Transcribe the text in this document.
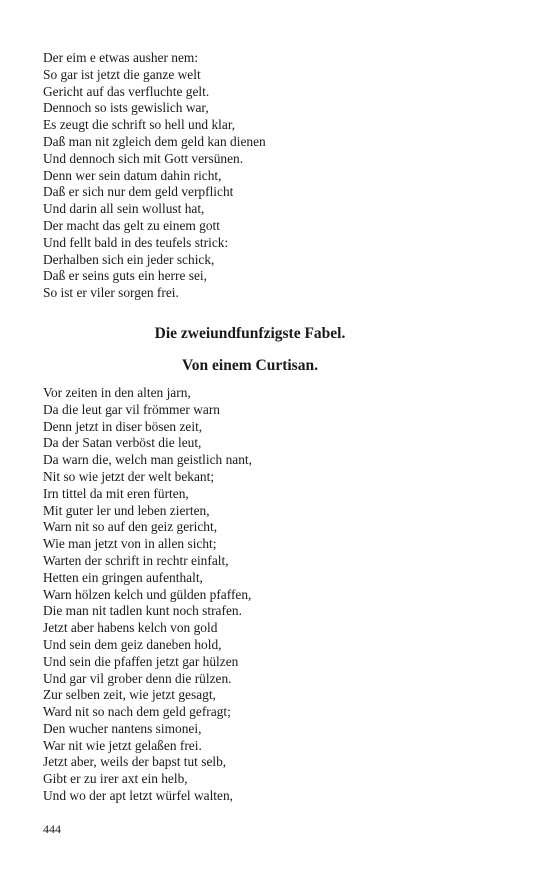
Der eim e etwas ausher nem:
So gar ist jetzt die ganze welt
Gericht auf das verfluchte gelt.
Dennoch so ists gewislich war,
Es zeugt die schrift so hell und klar,
Daß man nit zgleich dem geld kan dienen
Und dennoch sich mit Gott versünen.
Denn wer sein datum dahin richt,
Daß er sich nur dem geld verpflicht
Und darin all sein wollust hat,
Der macht das gelt zu einem gott
Und fellt bald in des teufels strick:
Derhalben sich ein jeder schick,
Daß er seins guts ein herre sei,
So ist er viler sorgen frei.
Die zweiundfunfzigste Fabel.
Von einem Curtisan.
Vor zeiten in den alten jarn,
Da die leut gar vil frömmer warn
Denn jetzt in diser bösen zeit,
Da der Satan verböst die leut,
Da warn die, welch man geistlich nant,
Nit so wie jetzt der welt bekant;
Irn tittel da mit eren fürten,
Mit guter ler und leben zierten,
Warn nit so auf den geiz gericht,
Wie man jetzt von in allen sicht;
Warten der schrift in rechtr einfalt,
Hetten ein gringen aufenthalt,
Warn hölzen kelch und gülden pfaffen,
Die man nit tadlen kunt noch strafen.
Jetzt aber habens kelch von gold
Und sein dem geiz daneben hold,
Und sein die pfaffen jetzt gar hülzen
Und gar vil grober denn die rülzen.
Zur selben zeit, wie jetzt gesagt,
Ward nit so nach dem geld gefragt;
Den wucher nantens simonei,
War nit wie jetzt gelaßen frei.
Jetzt aber, weils der bapst tut selb,
Gibt er zu irer axt ein helb,
Und wo der apt letzt würfel walten,
444
